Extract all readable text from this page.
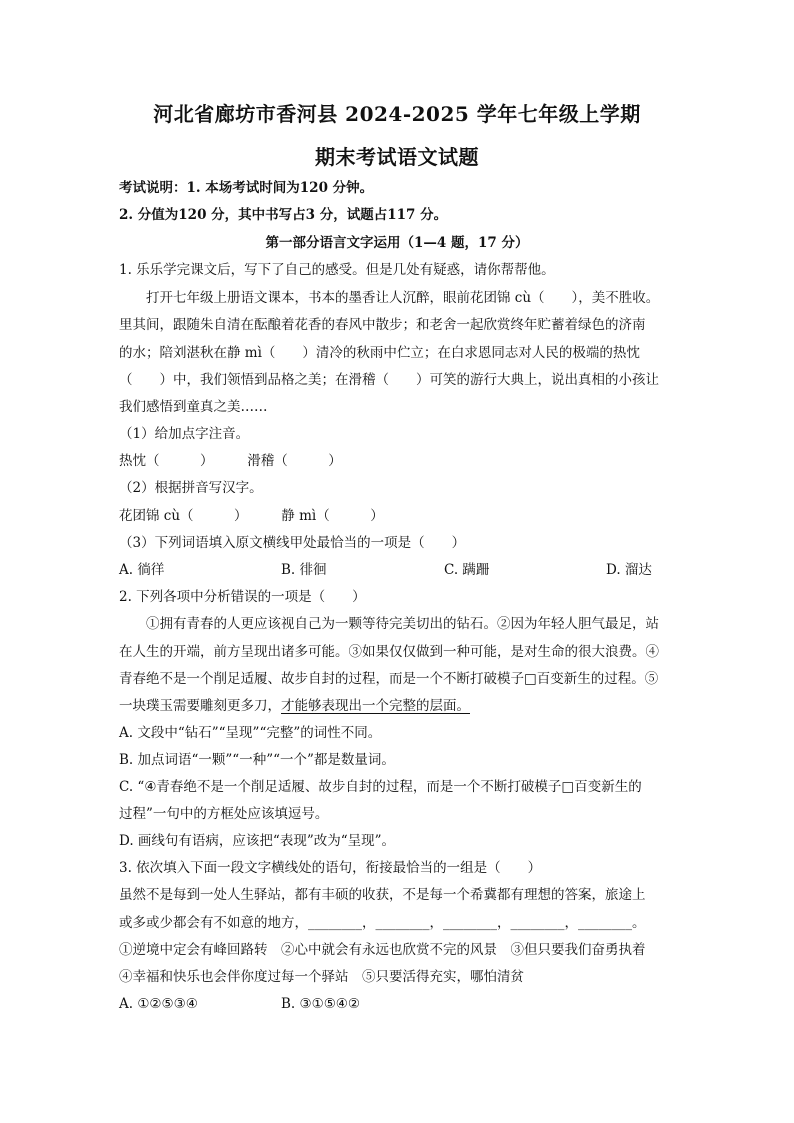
河北省廊坊市香河县 2024-2025 学年七年级上学期
期末考试语文试题
考试说明：1. 本场考试时间为120 分钟。
2. 分值为120 分，其中书写占3 分，试题占117 分。
第一部分语言文字运用（1—4 题，17 分）
1. 乐乐学完课文后，写下了自己的感受。但是几处有疑惑，请你帮帮他。
打开七年级上册语文课本，书本的墨香让人沉醉，眼前花团锦 cù（　　），美不胜收。
里其间，跟随朱自清在酝酿着花香的春风中散步；和老舍一起欣赏终年贮蓄着绿色的济南
的水；陪刘湛秋在静 mì（　　）清冷的秋雨中伫立；在白求恩同志对人民的极端的热忱
（　　）中，我们领悟到品格之美；在滑稽（　　）可笑的游行大典上，说出真相的小孩让
我们感悟到童真之美……
（1）给加点字注音。
热忱（　　　）　　　滑稽（　　　）
（2）根据拼音写汉字。
花团锦 cù（　　　）　　　静 mì（　　　）
（3）下列词语填入原文横线甲处最恰当的一项是（　　）
A. 徜徉	B. 徘徊	C. 蹒跚	D. 溜达
2. 下列各项中分析错误的一项是（　　）
①拥有青春的人更应该视自己为一颗等待完美切出的钻石。②因为年轻人胆气最足，站
在人生的开端，前方呈现出诸多可能。③如果仅仅做到一种可能，是对生命的很大浪费。④
青春绝不是一个削足适履、故步自封的过程，而是一个不断打破模子□百变新生的过程。⑤
一块璞玉需要雕刻更多刀，才能够表现出一个完整的层面。
A. 文段中“钻石”“呈现”“完整”的词性不同。
B. 加点词语“一颗”“一种”“一个”都是数量词。
C. “④青春绝不是一个削足适履、故步自封的过程，而是一个不断打破模子□百变新生的
过程”一句中的方框处应该填逗号。
D. 画线句有语病，应该把“表现”改为“呈现”。
3. 依次填入下面一段文字横线处的语句，衔接最恰当的一组是（　　）
虽然不是每到一处人生驿站，都有丰硕的收获，不是每一个希冀都有理想的答案，旅途上
或多或少都会有不如意的地方，________，________，________，________，________。
①逆境中定会有峰回路转　②心中就会有永远也欣赏不完的风景　③但只要我们奋勇执着
④幸福和快乐也会伴你度过每一个驿站　⑤只要活得充实，哪怕清贫
A. ①②⑤③④	B. ③①⑤④②
